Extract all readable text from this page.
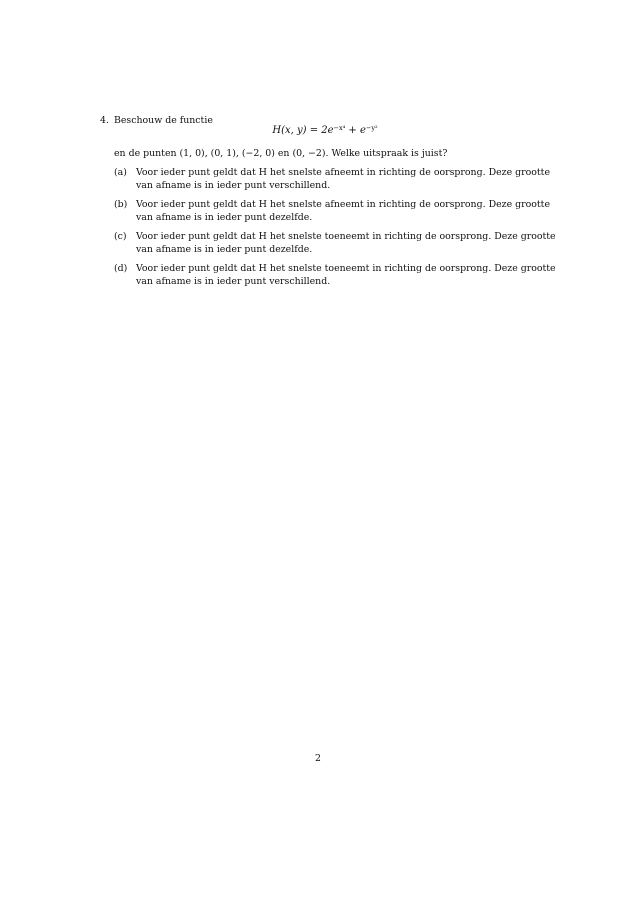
4. Beschouw de functie
H(x, $y) = 2e^{-x^4} + e^{-y^2}$
en de punten (1, 0), (0, 1), (−2, 0) en (0, −2). Welke uitspraak is juist?
(a) Voor ieder punt geldt dat H het snelste afneemt in richting de oorsprong. Deze grootte
van afname is in ieder punt verschillend.
(b) Voor ieder punt geldt dat H het snelste afneemt in richting de oorsprong. Deze grootte
van afname is in ieder punt dezelfde.
(c) Voor ieder punt geldt dat H het snelste toeneemt in richting de oorsprong. Deze grootte
van afname is in ieder punt dezelfde.
(d) Voor ieder punt geldt dat H het snelste toeneemt in richting de oorsprong. Deze grootte
van afname is in ieder punt verschillend.
2
